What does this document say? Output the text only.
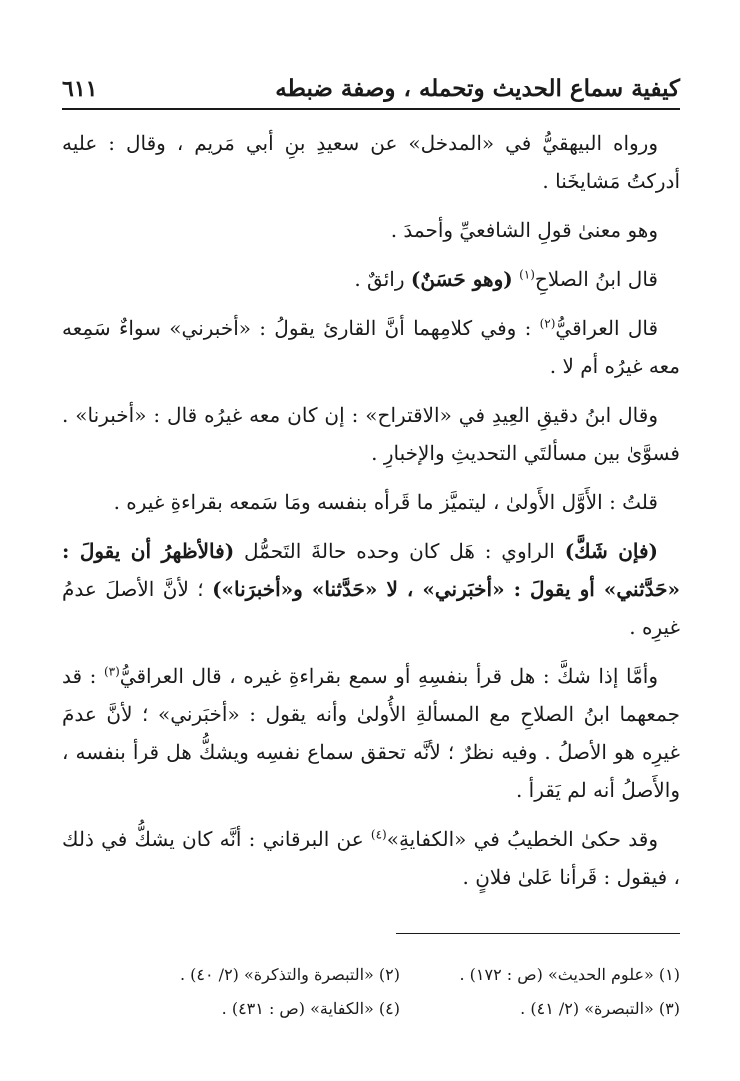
كيفية سماع الحديث وتحمله ، وصفة ضبطه
٦١١

ورواه البيهقيُّ في «المدخل» عن سعيدِ بنِ أبي مَريم ، وقال : عليه أدركتُ مَشايخَنا .

وهو معنىٰ قولِ الشافعيِّ وأحمدَ .

قال ابنُ الصلاحِ$^{(١)}$ (وهو حَسَنٌ) رائقٌ .

قال العراقيُّ$^{(٢)}$ : وفي كلامِهما أنَّ القارئ يقولُ : «أخبرني» سواءٌ سَمِعه معه غيرُه أم لا .

وقال ابنُ دقيقِ العِيدِ في «الاقتراح» : إن كان معه غيرُه قال : «أخبرنا» . فسوَّىٰ بين مسألتَي التحديثِ والإخبارِ .

قلتُ : الأَوَّل الأَولىٰ ، ليتميَّز ما قَرأه بنفسه ومَا سَمعه بقراءةِ غيره .

(فإن شَكَّ) الراوي : هَل كان وحده حالةَ التَحمُّل (فالأظهرُ أن يقولَ : «حَدَّثني» أو يقولَ : «أخبَرني» ، لا «حَدَّثنا» و«أخبرَنا») ؛ لأنَّ الأصلَ عدمُ غيرِه .

وأمَّا إذا شكَّ : هل قرأ بنفسِهِ أو سمع بقراءةِ غيره ، قال العراقيُّ$^{(٣)}$ : قد جمعهما ابنُ الصلاحِ مع المسألةِ الأُولىٰ وأنه يقول : «أخبَرني» ؛ لأنَّ عدمَ غيرِه هو الأصلُ . وفيه نظرٌ ؛ لأنَّه تحقق سماع نفسِه ويشكُّ هل قرأ بنفسه ، والأَصلُ أنه لم يَقرأ .

وقد حكىٰ الخطيبُ في «الكفايةِ»$^{(٤)}$ عن البرقاني : أنَّه كان يشكُّ في ذلك ، فيقول : قَرأنا عَلىٰ فلانٍ .

(١) «علوم الحديث» (ص : ١٧٢) .
(٢) «التبصرة والتذكرة» (٢/ ٤٠) .
(٣) «التبصرة» (٢/ ٤١) .
(٤) «الكفاية» (ص : ٤٣١) .
